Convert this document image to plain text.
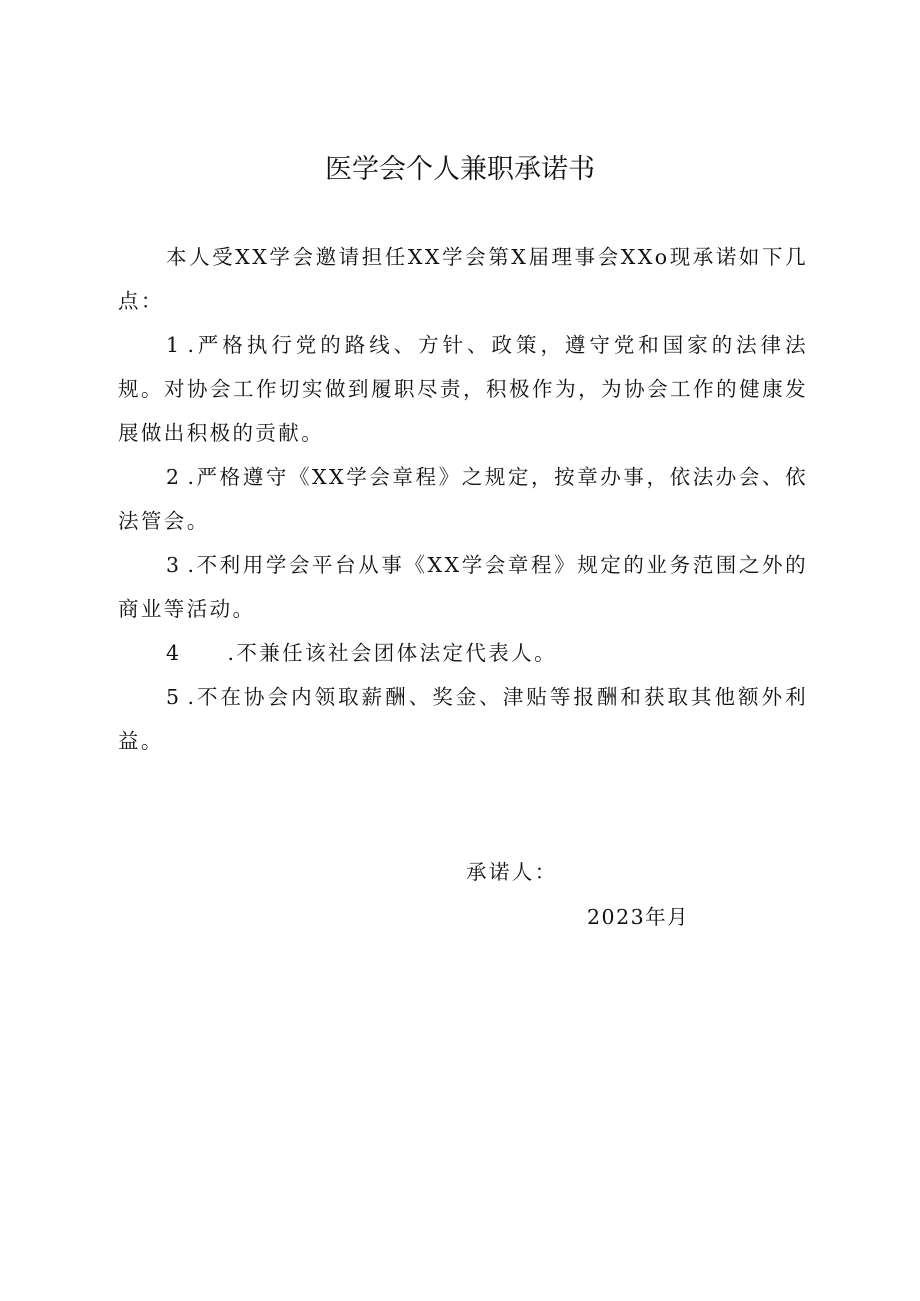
医学会个人兼职承诺书

本人受XX学会邀请担任XX学会第X届理事会XXo现承诺如下几点：

1 .严格执行党的路线、方针、政策，遵守党和国家的法律法规。对协会工作切实做到履职尽责，积极作为，为协会工作的健康发展做出积极的贡献。

2 .严格遵守《XX学会章程》之规定，按章办事，依法办会、依法管会。

3 .不利用学会平台从事《XX学会章程》规定的业务范围之外的商业等活动。

4 .不兼任该社会团体法定代表人。

5 .不在协会内领取薪酬、奖金、津贴等报酬和获取其他额外利益。

承诺人：
2023年月
